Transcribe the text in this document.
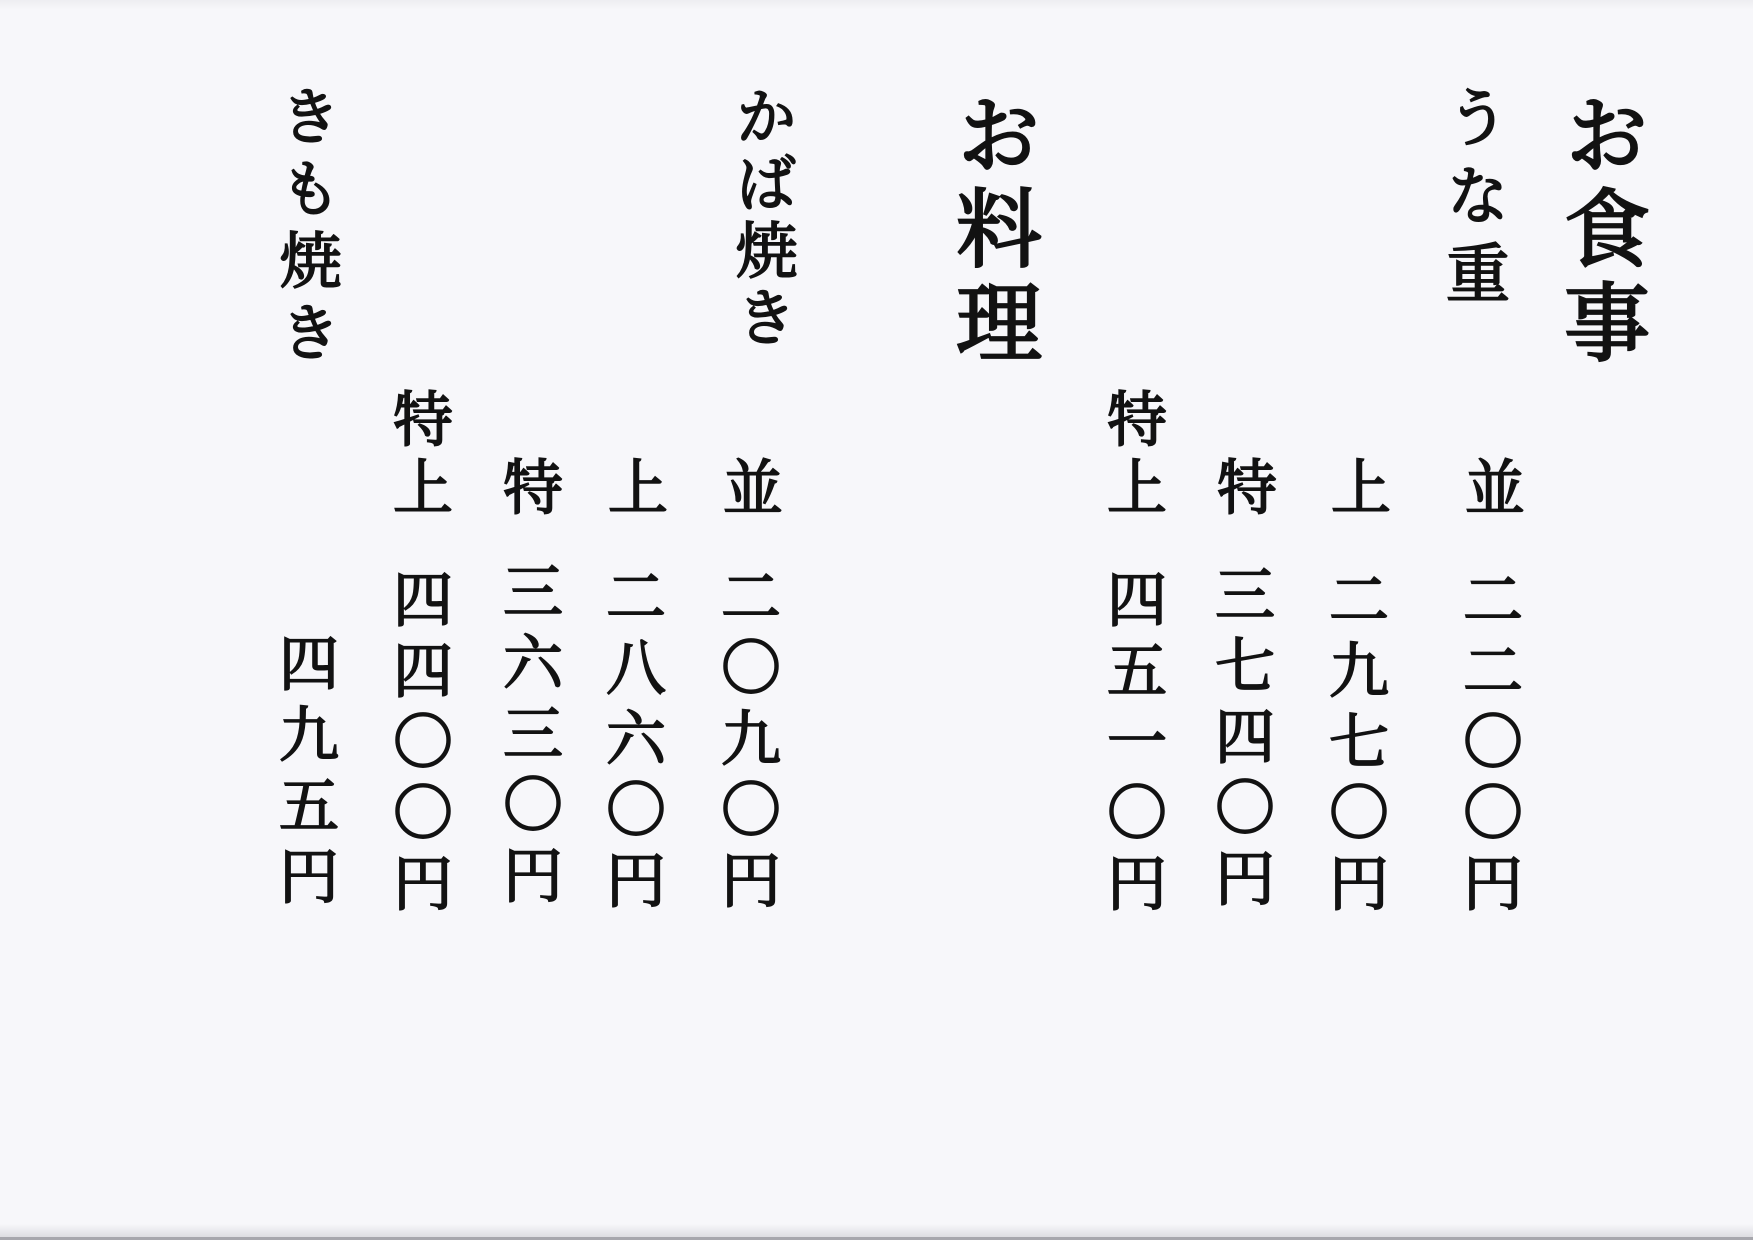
お食事
うな重
並
二二〇〇円
上
二九七〇円
特
三七四〇円
特上
四五一〇円
お料理
かば焼き
並
二〇九〇円
上
二八六〇円
特
三六三〇円
特上
四四〇〇円
きも焼き
四九五円
